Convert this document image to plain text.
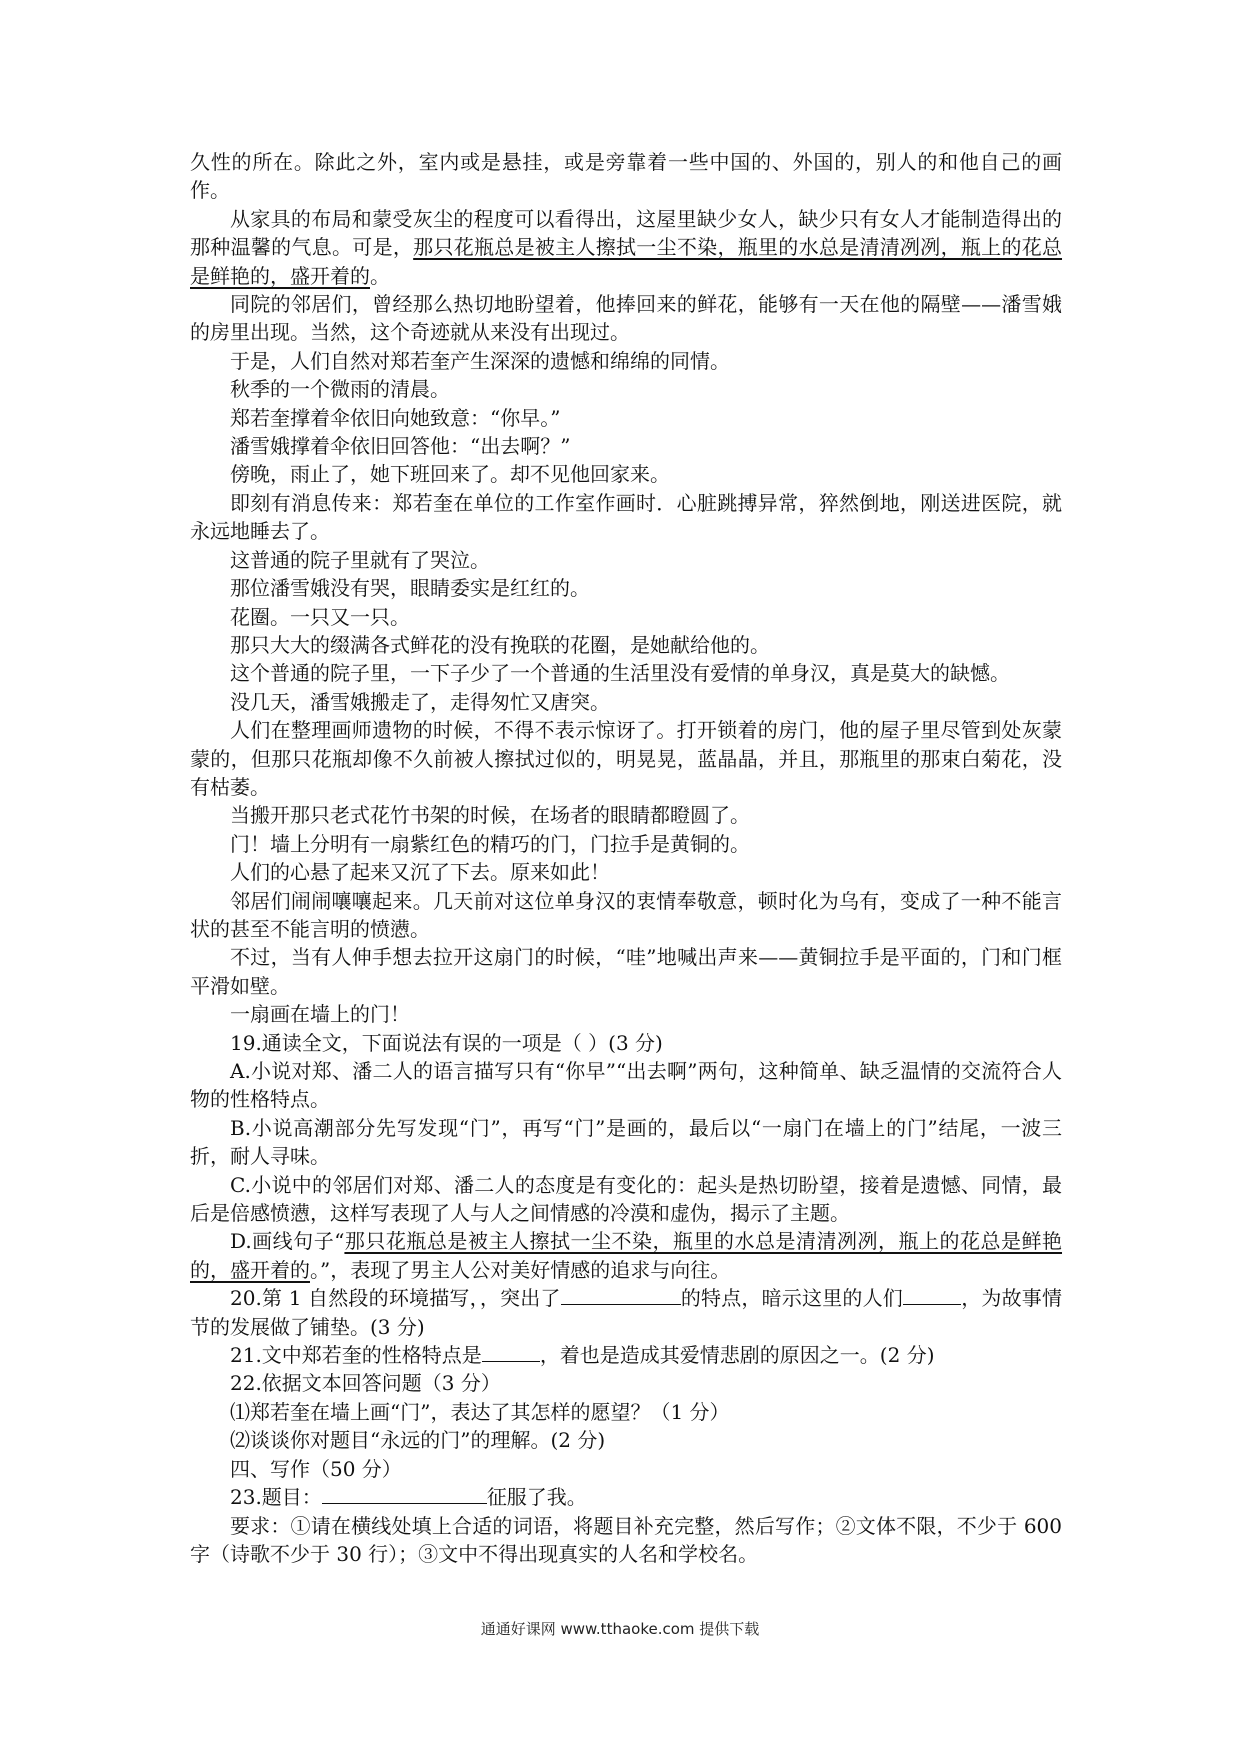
久性的所在。除此之外，室内或是悬挂，或是旁靠着一些中国的、外国的，别人的和他自己的画作。

从家具的布局和蒙受灰尘的程度可以看得出，这屋里缺少女人，缺少只有女人才能制造得出的那种温馨的气息。可是，那只花瓶总是被主人擦拭一尘不染，瓶里的水总是清清冽冽，瓶上的花总是鲜艳的，盛开着的。

同院的邻居们，曾经那么热切地盼望着，他捧回来的鲜花，能够有一天在他的隔壁——潘雪娥的房里出现。当然，这个奇迹就从来没有出现过。

于是，人们自然对郑若奎产生深深的遗憾和绵绵的同情。

秋季的一个微雨的清晨。

郑若奎撑着伞依旧向她致意：“你早。”

潘雪娥撑着伞依旧回答他：“出去啊？”

傍晚，雨止了，她下班回来了。却不见他回家来。

即刻有消息传来：郑若奎在单位的工作室作画时．心脏跳搏异常，猝然倒地，刚送进医院，就永远地睡去了。

这普通的院子里就有了哭泣。

那位潘雪娥没有哭，眼睛委实是红红的。

花圈。一只又一只。

那只大大的缀满各式鲜花的没有挽联的花圈，是她献给他的。

这个普通的院子里，一下子少了一个普通的生活里没有爱情的单身汉，真是莫大的缺憾。

没几天，潘雪娥搬走了，走得匆忙又唐突。

人们在整理画师遗物的时候，不得不表示惊讶了。打开锁着的房门，他的屋子里尽管到处灰蒙蒙的，但那只花瓶却像不久前被人擦拭过似的，明晃晃，蓝晶晶，并且，那瓶里的那束白菊花，没有枯萎。

当搬开那只老式花竹书架的时候，在场者的眼睛都瞪圆了。

门！墙上分明有一扇紫红色的精巧的门，门拉手是黄铜的。

人们的心悬了起来又沉了下去。原来如此！

邻居们闹闹嚷嚷起来。几天前对这位单身汉的衷情奉敬意，顿时化为乌有，变成了一种不能言状的甚至不能言明的愤懑。

不过，当有人伸手想去拉开这扇门的时候，“哇”地喊出声来——黄铜拉手是平面的，门和门框平滑如壁。

一扇画在墙上的门！

19.通读全文，下面说法有误的一项是（ ）(3 分)

A.小说对郑、潘二人的语言描写只有“你早”“出去啊”两句，这种简单、缺乏温情的交流符合人物的性格特点。

B.小说高潮部分先写发现“门”，再写“门”是画的，最后以“一扇门在墙上的门”结尾，一波三折，耐人寻味。

C.小说中的邻居们对郑、潘二人的态度是有变化的：起头是热切盼望，接着是遗憾、同情，最后是倍感愤懑，这样写表现了人与人之间情感的冷漠和虚伪，揭示了主题。

D.画线句子“那只花瓶总是被主人擦拭一尘不染，瓶里的水总是清清冽冽，瓶上的花总是鲜艳的，盛开着的。”，表现了男主人公对美好情感的追求与向往。

20.第 1 自然段的环境描写，，突出了	的特点，暗示这里的人们	，为故事情节的发展做了铺垫。(3 分)

21.文中郑若奎的性格特点是	，着也是造成其爱情悲剧的原因之一。(2 分)

22.依据文本回答问题（3 分）

⑴郑若奎在墙上画“门”，表达了其怎样的愿望？（1 分）

⑵谈谈你对题目“永远的门”的理解。(2 分)

四、写作（50 分）

23.题目：	征服了我。

要求：①请在横线处填上合适的词语，将题目补充完整，然后写作；②文体不限，不少于 600 字（诗歌不少于 30 行）；③文中不得出现真实的人名和学校名。

通通好课网 www.tthaoke.com 提供下载
